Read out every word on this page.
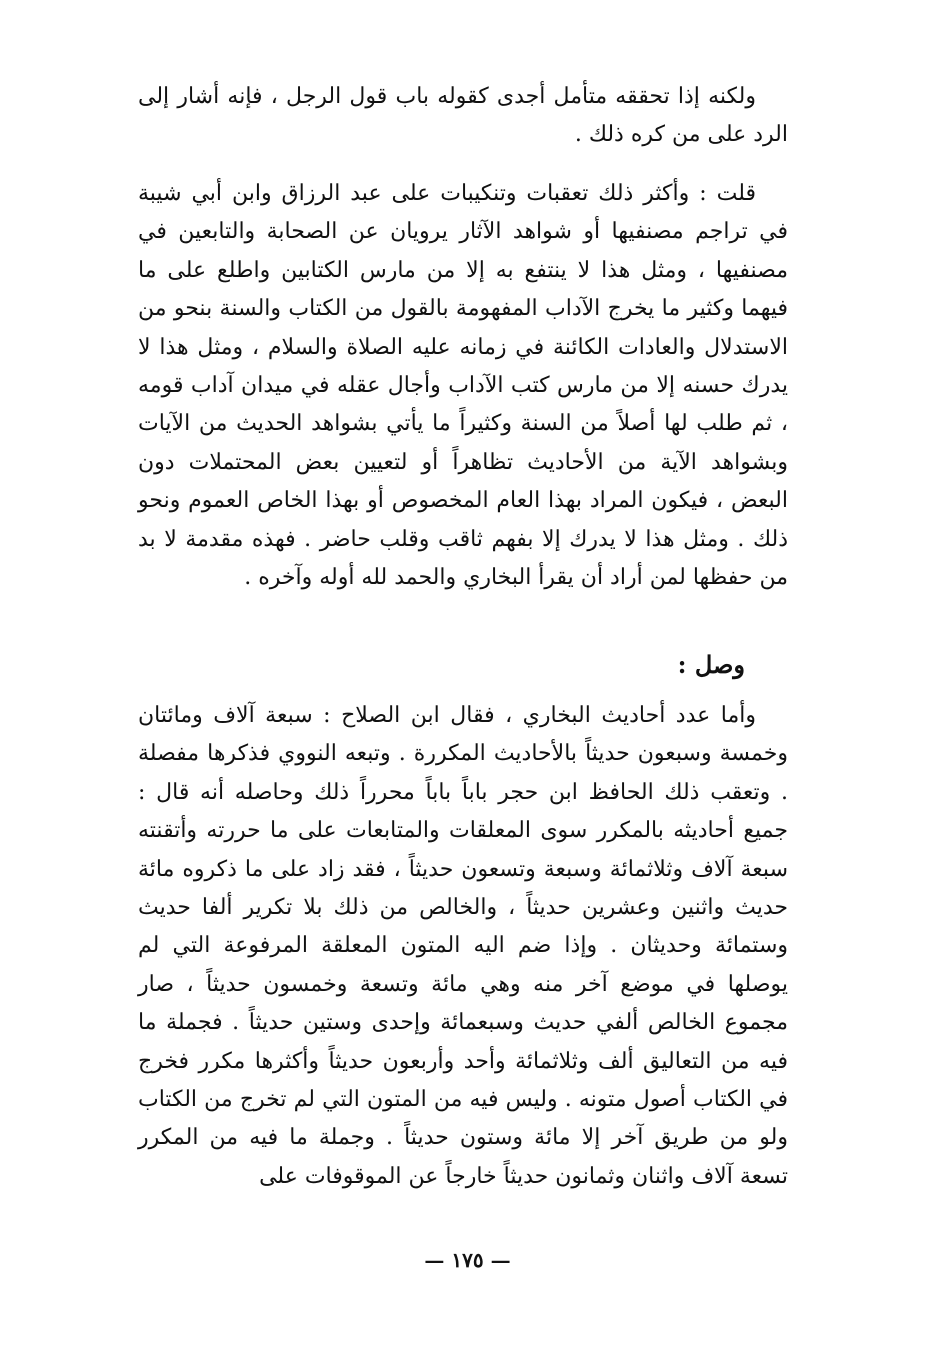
ولكنه إذا تحققه متأمل أجدى كقوله باب قول الرجل ، فإنه أشار إلى الرد على من كره ذلك .

قلت : وأكثر ذلك تعقبات وتنكيبات على عبد الرزاق وابن أبي شيبة في تراجم مصنفيها أو شواهد الآثار يرويان عن الصحابة والتابعين في مصنفيها ، ومثل هذا لا ينتفع به إلا من مارس الكتابين واطلع على ما فيهما وكثير ما يخرج الآداب المفهومة بالقول من الكتاب والسنة بنحو من الاستدلال والعادات الكائنة في زمانه عليه الصلاة والسلام ، ومثل هذا لا يدرك حسنه إلا من مارس كتب الآداب وأجال عقله في ميدان آداب قومه ، ثم طلب لها أصلاً من السنة وكثيراً ما يأتي بشواهد الحديث من الآيات وبشواهد الآية من الأحاديث تظاهراً أو لتعيين بعض المحتملات دون البعض ، فيكون المراد بهذا العام المخصوص أو بهذا الخاص العموم ونحو ذلك . ومثل هذا لا يدرك إلا بفهم ثاقب وقلب حاضر . فهذه مقدمة لا بد من حفظها لمن أراد أن يقرأ البخاري والحمد لله أوله وآخره .

وصل :

وأما عدد أحاديث البخاري ، فقال ابن الصلاح : سبعة آلاف ومائتان وخمسة وسبعون حديثاً بالأحاديث المكررة . وتبعه النووي فذكرها مفصلة . وتعقب ذلك الحافظ ابن حجر باباً باباً محرراً ذلك وحاصله أنه قال : جميع أحاديثه بالمكرر سوى المعلقات والمتابعات على ما حررته وأتقنته سبعة آلاف وثلاثمائة وسبعة وتسعون حديثاً ، فقد زاد على ما ذكروه مائة حديث واثنين وعشرين حديثاً ، والخالص من ذلك بلا تكرير ألفا حديث وستمائة وحديثان . وإذا ضم اليه المتون المعلقة المرفوعة التي لم يوصلها في موضع آخر منه وهي مائة وتسعة وخمسون حديثاً ، صار مجموع الخالص ألفي حديث وسبعمائة وإحدى وستين حديثاً . فجملة ما فيه من التعاليق ألف وثلاثمائة وأحد وأربعون حديثاً وأكثرها مكرر فخرج في الكتاب أصول متونه . وليس فيه من المتون التي لم تخرج من الكتاب ولو من طريق آخر إلا مائة وستون حديثاً . وجملة ما فيه من المكرر تسعة آلاف واثنان وثمانون حديثاً خارجاً عن الموقوفات على

— ١٧٥ —
